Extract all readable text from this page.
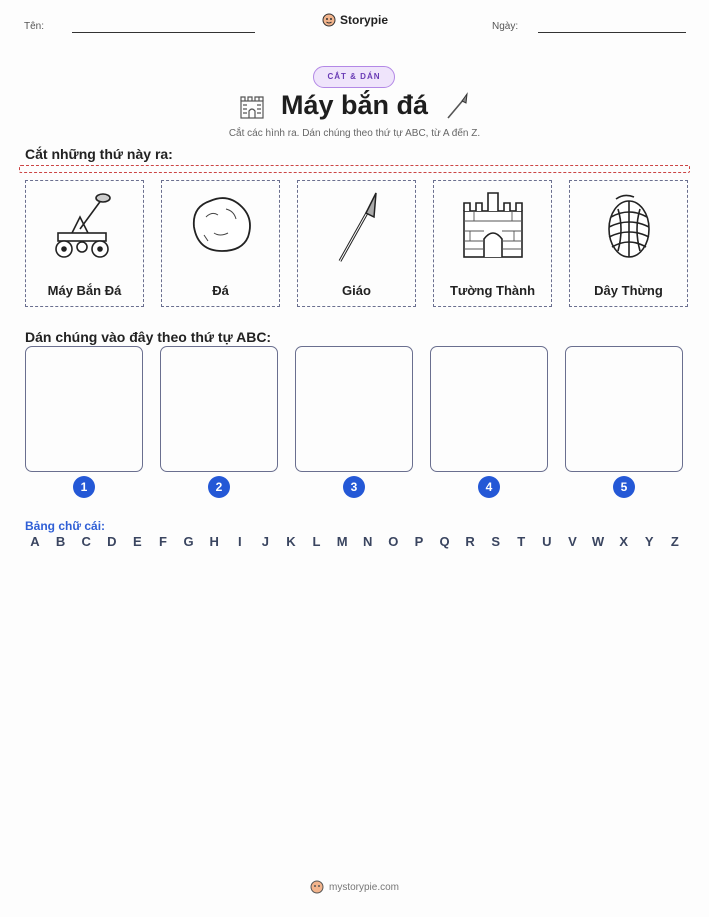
Tên:	Storypie	Ngày:
CẮT & DÁN
Máy bắn đá
Cắt các hình ra. Dán chúng theo thứ tự ABC, từ A đến Z.
Cắt những thứ này ra:
Máy Bắn Đá	Đá	Giáo	Tường Thành	Dây Thừng
Dán chúng vào đây theo thứ tự ABC:
1	2	3	4	5
Bảng chữ cái:
A	B	C	D	E	F	G	H	I	J	K	L	M	N	O	P	Q	R	S	T	U	V	W	X	Y	Z
mystorypie.com
